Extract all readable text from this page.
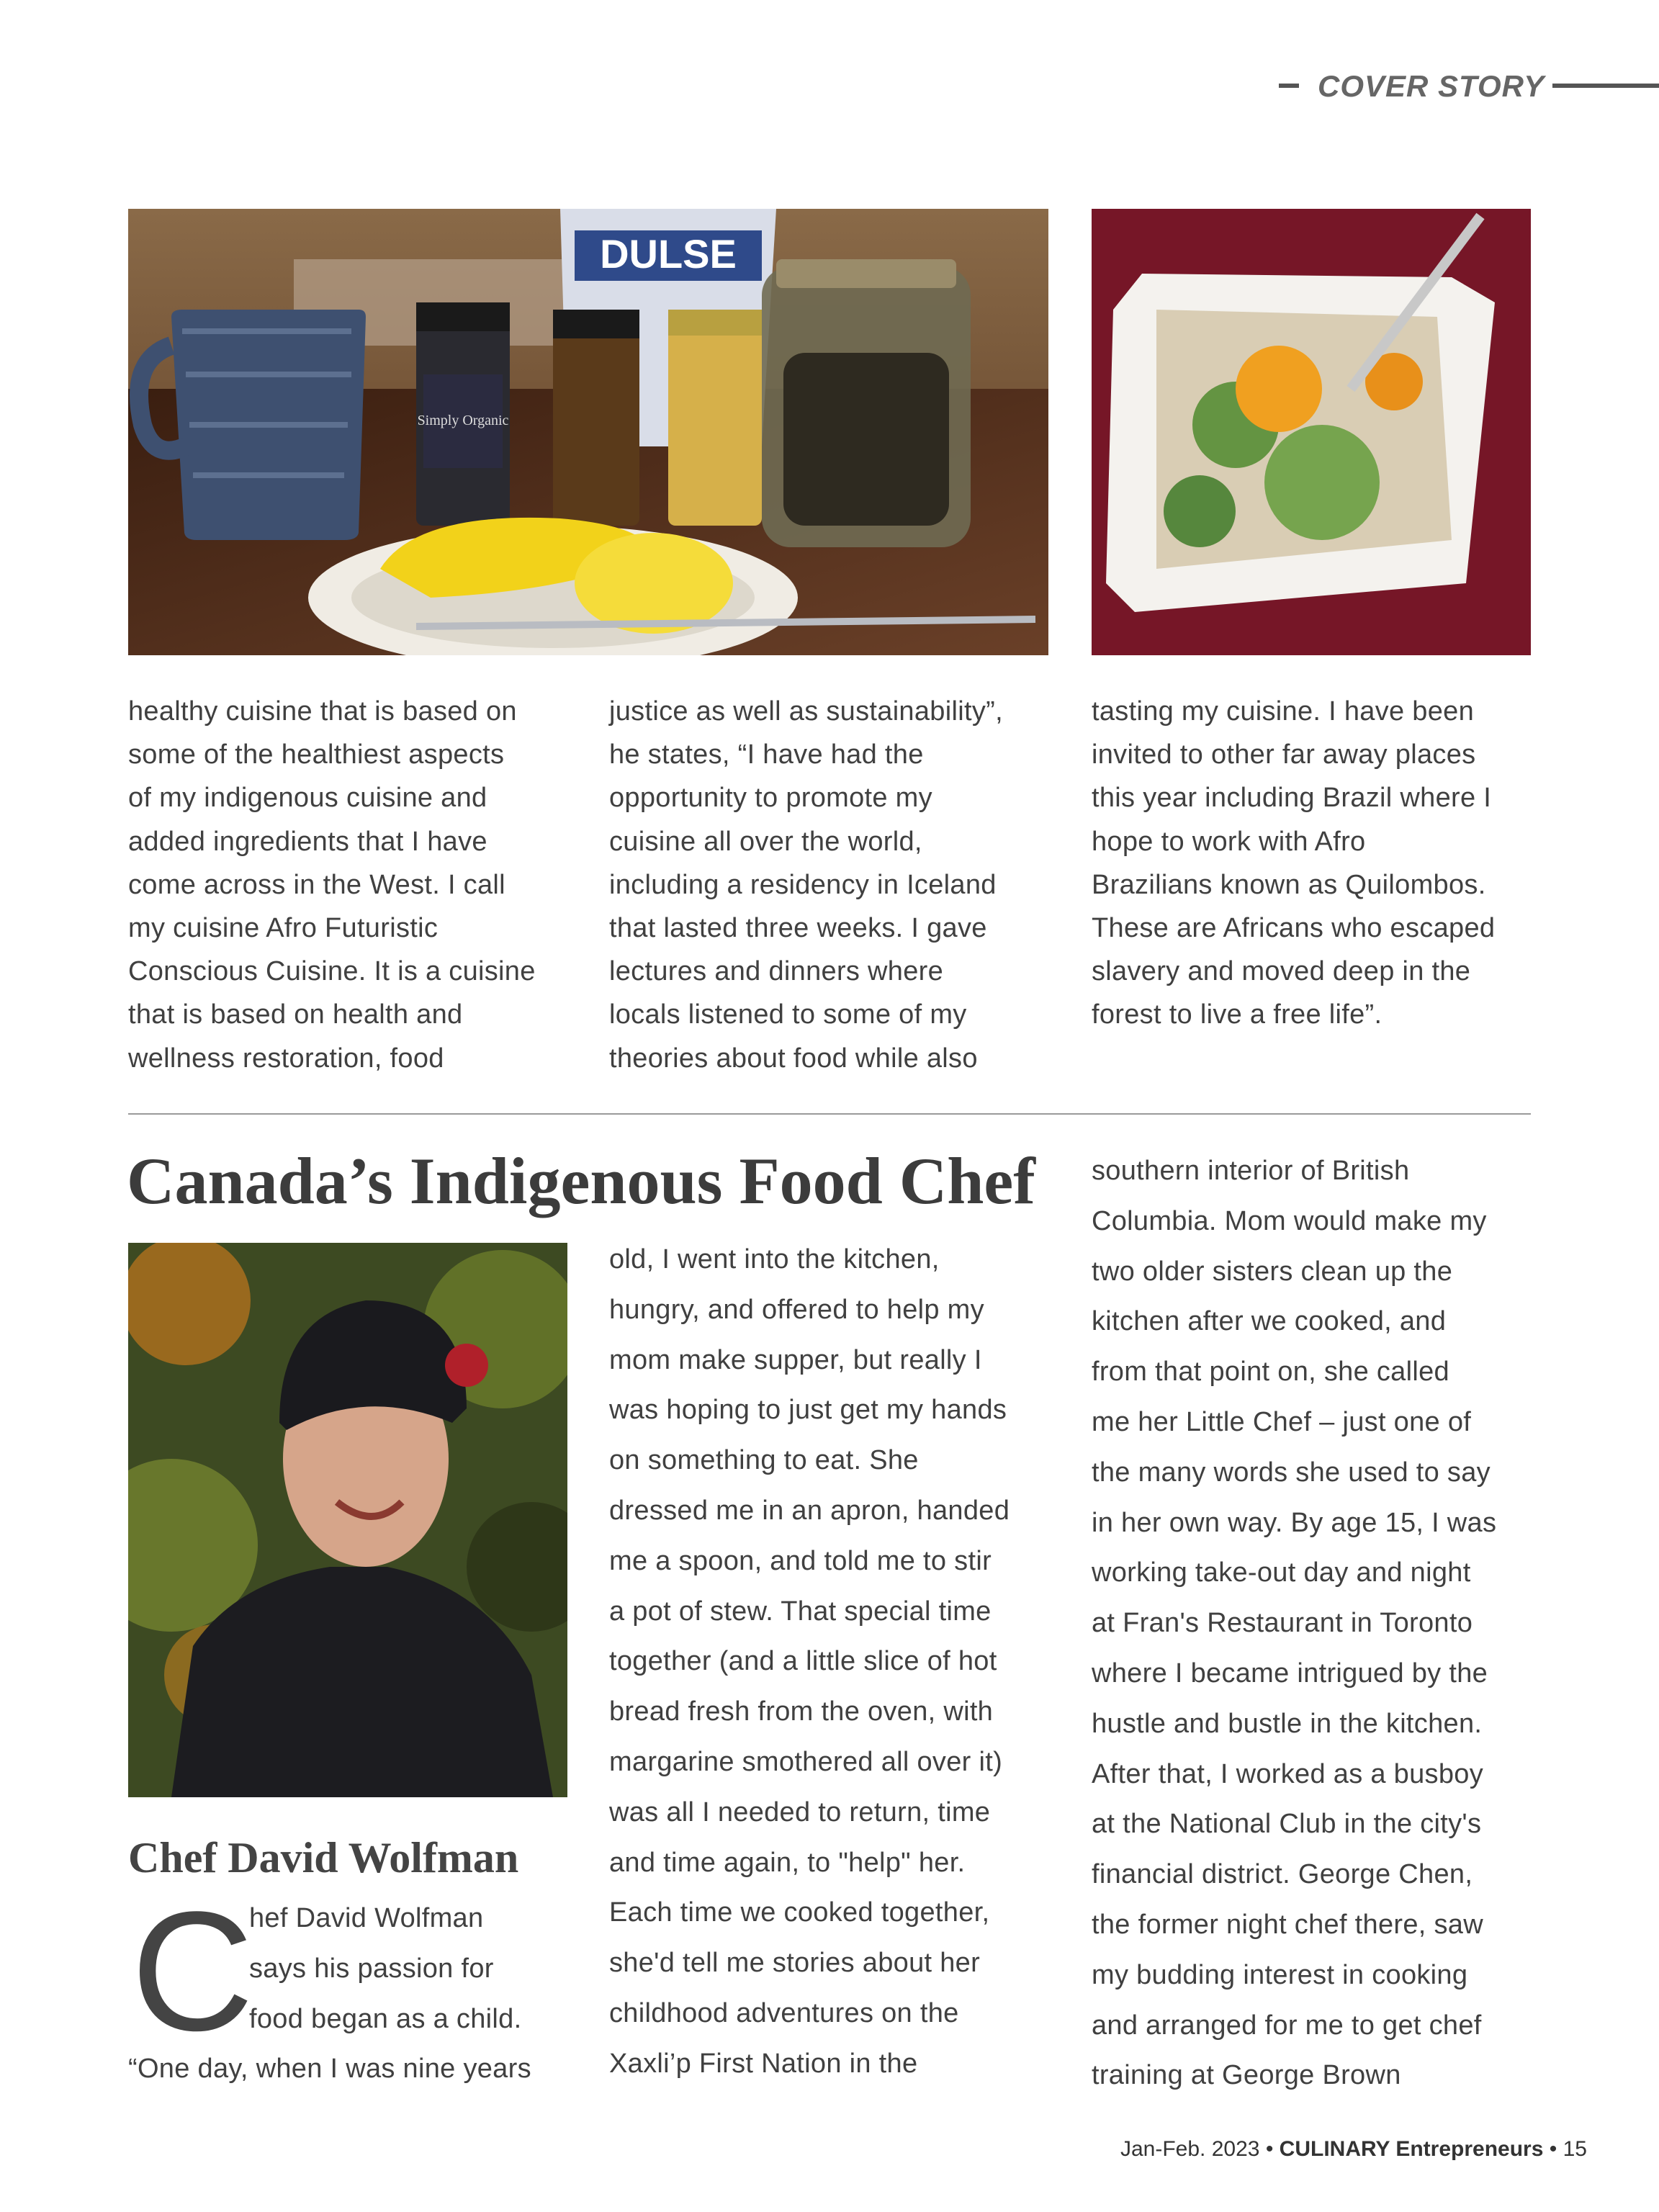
COVER STORY
DULSE
Simply Organic
healthy cuisine that is based on
some of the healthiest aspects
of my indigenous cuisine and
added ingredients that I have
come across in the West. I call
my cuisine Afro Futuristic
Conscious Cuisine. It is a cuisine
that is based on health and
wellness restoration, food
justice as well as sustainability”,
he states, “I have had the
opportunity to promote my
cuisine all over the world,
including a residency in Iceland
that lasted three weeks. I gave
lectures and dinners where
locals listened to some of my
theories about food while also
tasting my cuisine. I have been
invited to other far away places
this year including Brazil where I
hope to work with Afro
Brazilians known as Quilombos.
These are Africans who escaped
slavery and moved deep in the
forest to live a free life”.
Canada’s Indigenous Food Chef
Chef David Wolfman
C
hef David Wolfman
says his passion for
food began as a child.
“One day, when I was nine years
old, I went into the kitchen,
hungry, and offered to help my
mom make supper, but really I
was hoping to just get my hands
on something to eat. She
dressed me in an apron, handed
me a spoon, and told me to stir
a pot of stew. That special time
together (and a little slice of hot
bread fresh from the oven, with
margarine smothered all over it)
was all I needed to return, time
and time again, to "help" her.
Each time we cooked together,
she'd tell me stories about her
childhood adventures on the
Xaxli’p First Nation in the
southern interior of British
Columbia. Mom would make my
two older sisters clean up the
kitchen after we cooked, and
from that point on, she called
me her Little Chef – just one of
the many words she used to say
in her own way. By age 15, I was
working take-out day and night
at Fran's Restaurant in Toronto
where I became intrigued by the
hustle and bustle in the kitchen.
After that, I worked as a busboy
at the National Club in the city's
financial district. George Chen,
the former night chef there, saw
my budding interest in cooking
and arranged for me to get chef
training at George Brown
Jan-Feb. 2023 • CULINARY Entrepreneurs • 15
